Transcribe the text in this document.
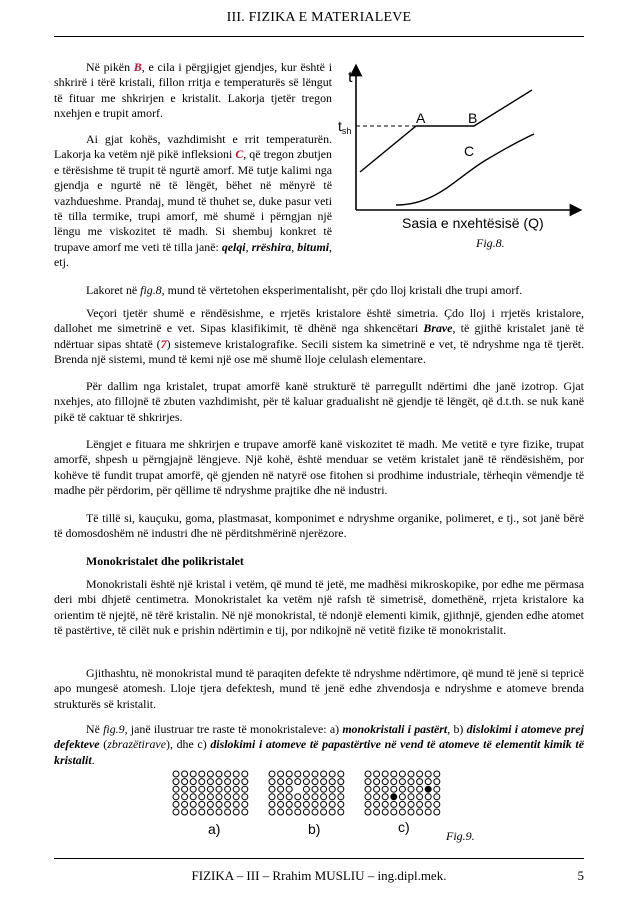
III. FIZIKA E MATERIALEVE

Në pikën B, e cila i përgjigjet gjendjes, kur është i shkrirë i tërë kristali, fillon rritja e temperaturës së lëngut të fituar me shkrirjen e kristalit. Lakorja tjetër tregon nxehjen e trupit amorf.

Ai gjat kohës, vazhdimisht e rrit temperaturën. Lakorja ka vetëm një pikë infleksioni C, që tregon zbutjen e tërësishme të trupit të ngurtë amorf. Më tutje kalimi nga gjendja e ngurtë në të lëngët, bëhet në mënyrë të vazhdueshme. Prandaj, mund të thuhet se, duke pasur veti të tilla termike, trupi amorf, më shumë i përngjan një lëngu me viskozitet të madh. Si shembuj konkret të trupave amorf me veti të tilla janë: qelqi, rrëshira, bitumi, etj.

t
$t_{sh}$
A	B
C
Sasia e nxehtësisë (Q)
Fig.8.

Lakoret në fig.8, mund të vërtetohen eksperimentalisht, për çdo lloj kristali dhe trupi amorf.

Veçori tjetër shumë e rëndësishme, e rrjetës kristalore është simetria. Çdo lloj i rrjetës kristalore, dallohet me simetrinë e vet. Sipas klasifikimit, të dhënë nga shkencëtari Brave, të gjithë kristalet janë të ndërtuar sipas shtatë (7) sistemeve kristalografike. Secili sistem ka simetrinë e vet, të ndryshme nga të tjerët. Brenda një sistemi, mund të kemi një ose më shumë lloje celulash elementare.

Për dallim nga kristalet, trupat amorfë kanë strukturë të parregullt ndërtimi dhe janë izotrop. Gjat nxehjes, ato fillojnë të zbuten vazhdimisht, për të kaluar gradualisht në gjendje të lëngët, që d.t.th. se nuk kanë pikë të caktuar të shkrirjes.

Lëngjet e fituara me shkrirjen e trupave amorfë kanë viskozitet të madh. Me vetitë e tyre fizike, trupat amorfë, shpesh u përngjajnë lëngjeve. Një kohë, është menduar se vetëm kristalet janë të rëndësishëm, por kohëve të fundit trupat amorfë, që gjenden në natyrë ose fitohen si prodhime industriale, tërheqin vëmendje të madhe për përdorim, për qëllime të ndryshme prajtike dhe në industri.

Të tillë si, kauçuku, goma, plastmasat, komponimet e ndryshme organike, polimeret, e tj., sot janë bërë të domosdoshëm në industri dhe në përditshmërinë njerëzore.

Monokristalet dhe polikristalet

Monokristali është një kristal i vetëm, që mund të jetë, me madhësi mikroskopike, por edhe me përmasa deri mbi dhjetë centimetra. Monokristalet ka vetëm një rafsh të simetrisë, domethënë, rrjeta kristalore ka orientim të njejtë, në tërë kristalin. Në një monokristal, të ndonjë elementi kimik, gjithnjë, gjenden edhe atomet të pastërtive, të cilët nuk e prishin ndërtimin e tij, por ndikojnë në vetitë fizike të monokristalit.

Gjithashtu, në monokristal mund të paraqiten defekte të ndryshme ndërtimore, që mund të jenë si tepricë apo mungesë atomesh. Lloje tjera defektesh, mund të jenë edhe zhvendosja e ndryshme e atomeve brenda strukturës së kristalit.

Në fig.9, janë ilustruar tre raste të monokristaleve: a) monokristali i pastërt, b) dislokimi i atomeve prej defekteve (zbrazëtirave), dhe c) dislokimi i atomeve të papastërtive në vend të atomeve të elementit kimik të kristalit.

a)	b)	c)
Fig.9.
FIZIKA – III – Rrahim MUSLIU – ing.dipl.mek.	5
